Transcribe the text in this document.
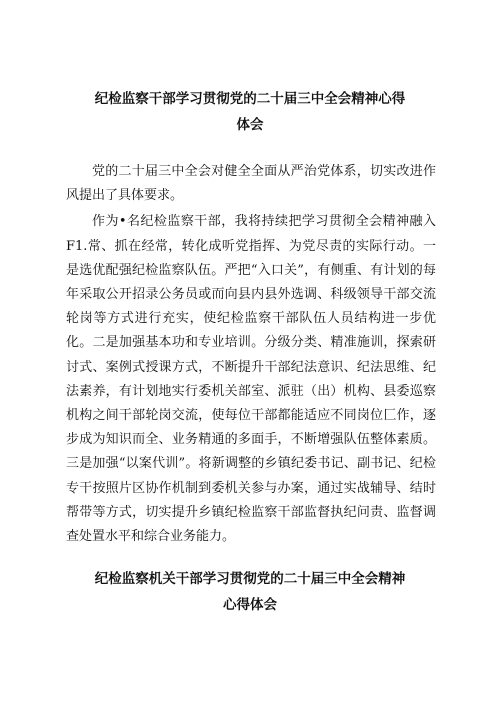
纪检监察干部学习贯彻党的二十届三中全会精神心得
体会

党的二十届三中全会对健全全面从严治党体系，切实改进作风提出了具体要求。

作为•名纪检监察干部，我将持续把学习贯彻全会精神融入F1.常、抓在经常，转化成听党指挥、为党尽责的实际行动。一是选优配强纪检监察队伍。严把“入口关”，有侧重、有计划的每年采取公开招录公务员或而向县内县外选调、科级领导干部交流轮岗等方式进行充实，使纪检监察干部队伍人员结构进一步优化。二是加强基本功和专业培训。分级分类、精准施训，探索研讨式、案例式授课方式，不断提升干部纪法意识、纪法思维、纪法素养，有计划地实行委机关部室、派驻（出）机构、县委巡察机构之间干部轮岗交流，使每位干部都能适应不同岗位匚作，逐步成为知识而全、业务精通的多面手，不断增强队伍整体素质。三是加强“以案代训”。将新调整的乡镇纪委书记、副书记、纪检专干按照片区协作机制到委机关参与办案，通过实战辅导、结时帮带等方式，切实提升乡镇纪检监察干部监督执纪问责、监督调查处置水平和综合业务能力。

纪检监察机关干部学习贯彻党的二十届三中全会精神
心得体会
